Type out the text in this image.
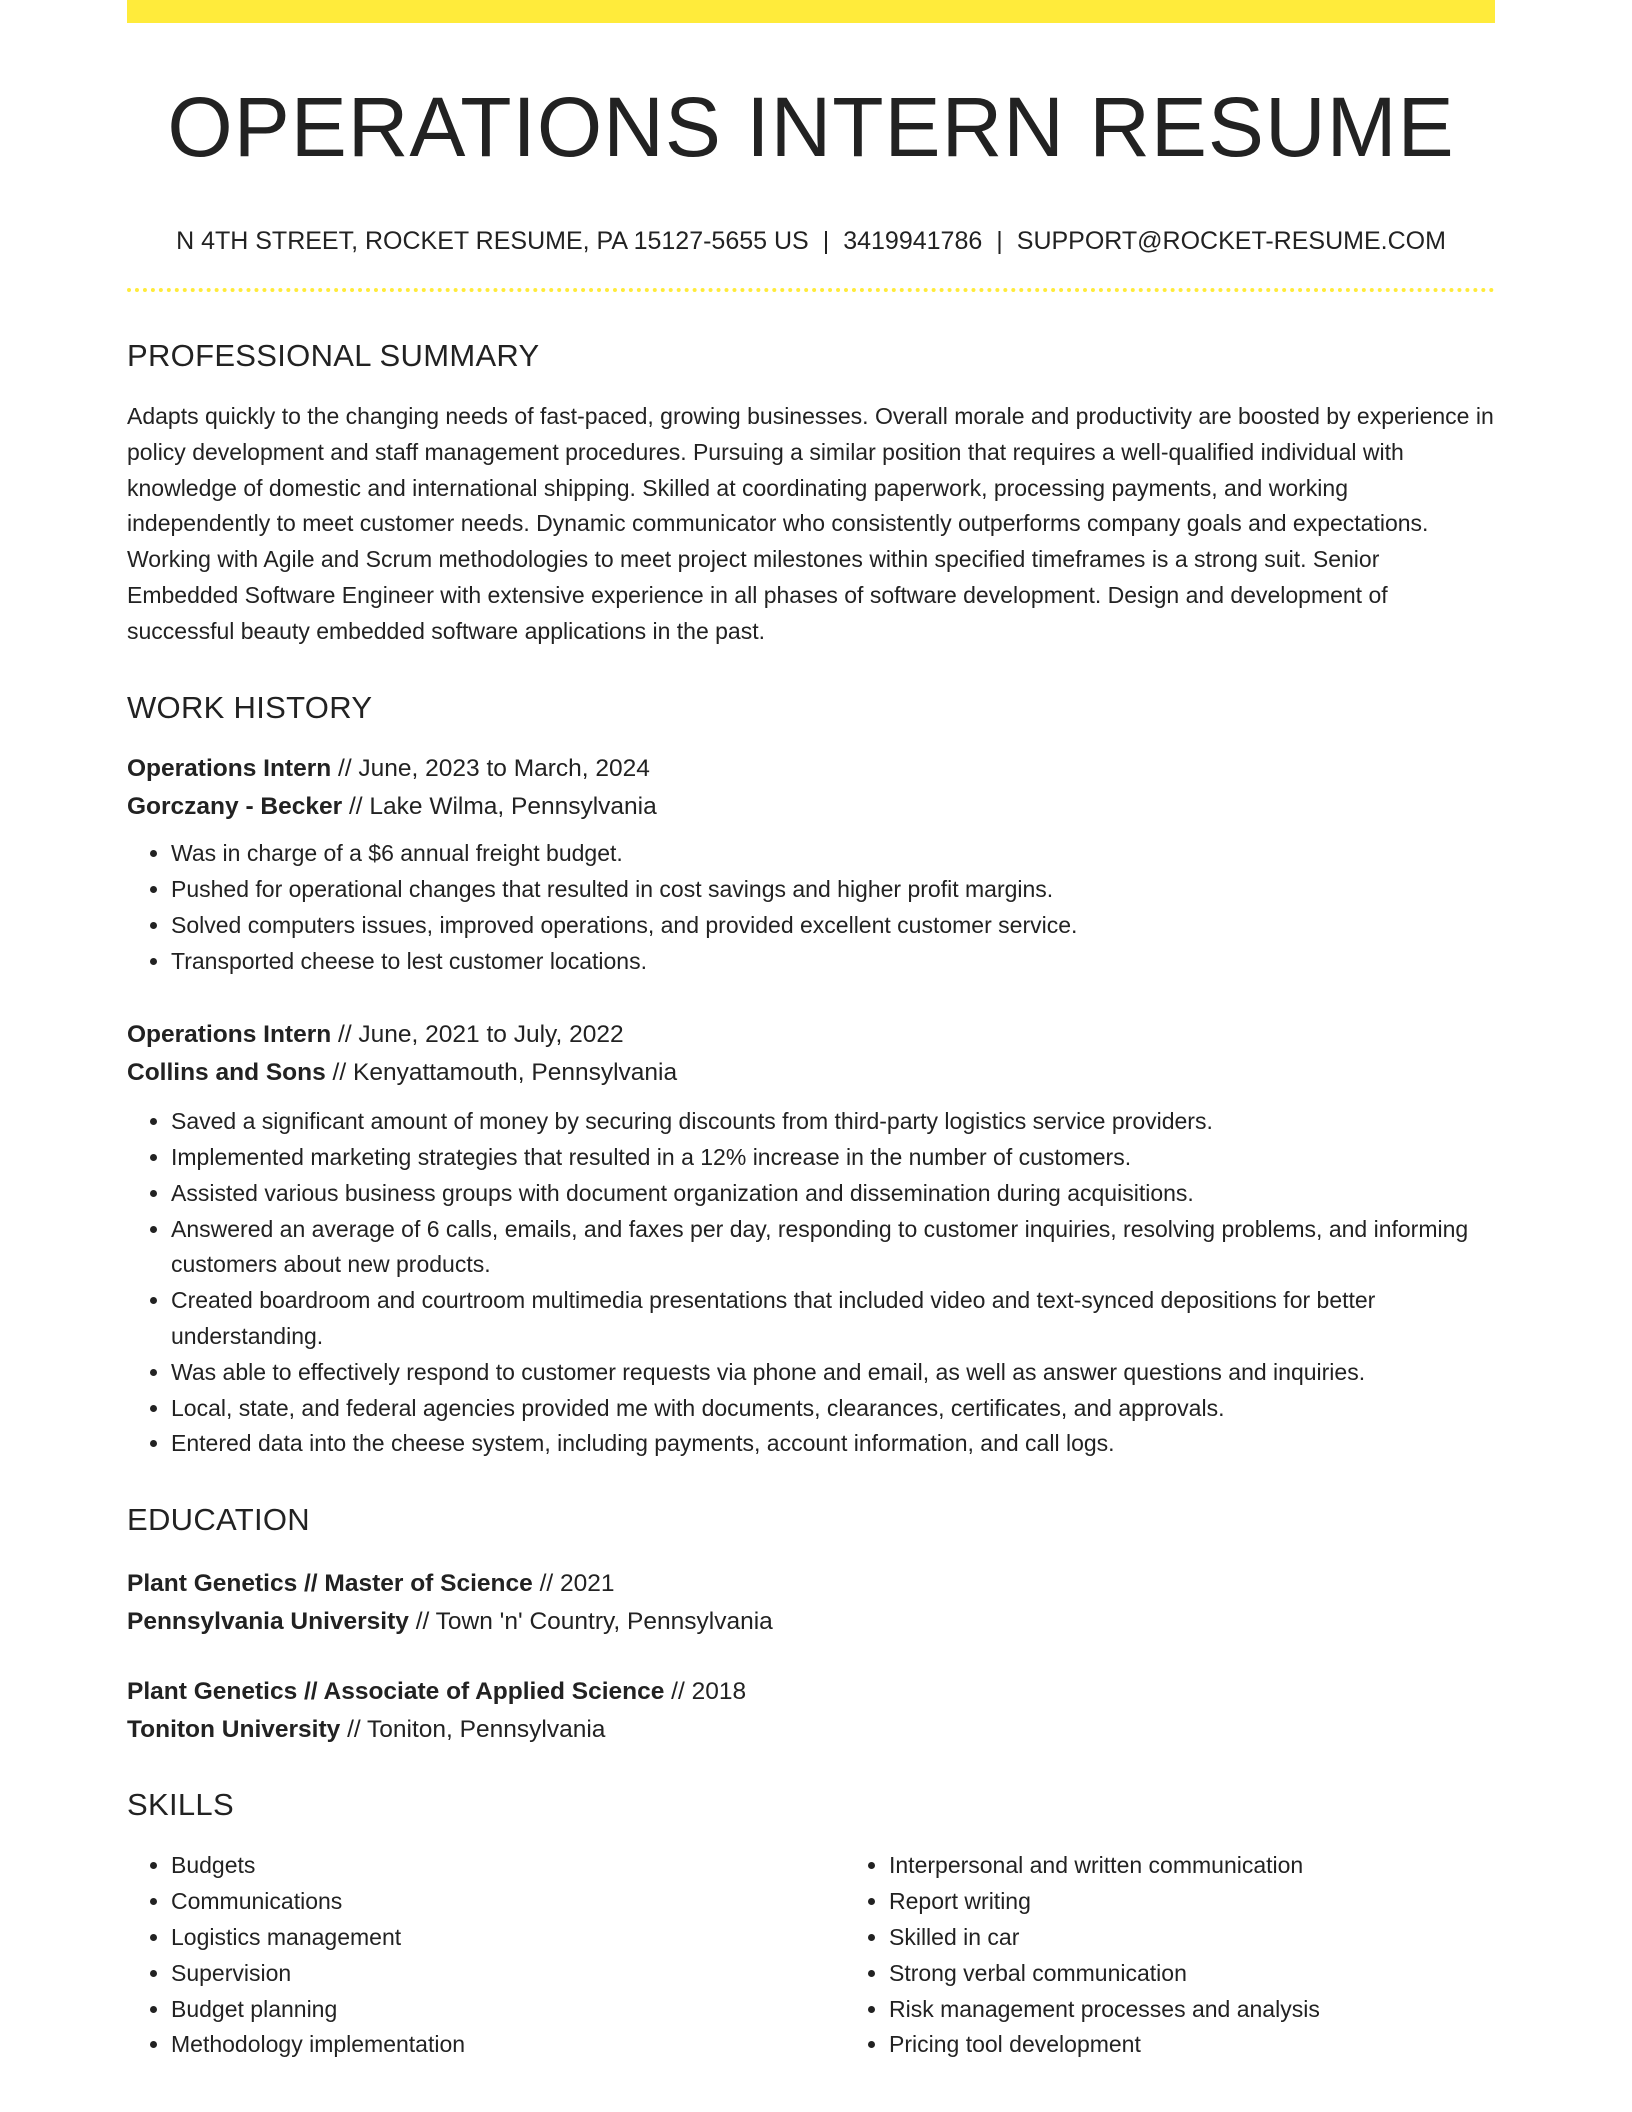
OPERATIONS INTERN RESUME
N 4TH STREET, ROCKET RESUME, PA 15127-5655 US | 3419941786 | SUPPORT@ROCKET-RESUME.COM
PROFESSIONAL SUMMARY

Adapts quickly to the changing needs of fast-paced, growing businesses. Overall morale and productivity are boosted by experience in policy development and staff management procedures. Pursuing a similar position that requires a well-qualified individual with knowledge of domestic and international shipping. Skilled at coordinating paperwork, processing payments, and working independently to meet customer needs. Dynamic communicator who consistently outperforms company goals and expectations. Working with Agile and Scrum methodologies to meet project milestones within specified timeframes is a strong suit. Senior Embedded Software Engineer with extensive experience in all phases of software development. Design and development of successful beauty embedded software applications in the past.

WORK HISTORY
Operations Intern // June, 2023 to March, 2024
Gorczany - Becker // Lake Wilma, Pennsylvania
• Was in charge of a $6 annual freight budget.
• Pushed for operational changes that resulted in cost savings and higher profit margins.
• Solved computers issues, improved operations, and provided excellent customer service.
• Transported cheese to lest customer locations.
Operations Intern // June, 2021 to July, 2022
Collins and Sons // Kenyattamouth, Pennsylvania
• Saved a significant amount of money by securing discounts from third-party logistics service providers.
• Implemented marketing strategies that resulted in a 12% increase in the number of customers.
• Assisted various business groups with document organization and dissemination during acquisitions.
• Answered an average of 6 calls, emails, and faxes per day, responding to customer inquiries, resolving problems, and informing customers about new products.
• Created boardroom and courtroom multimedia presentations that included video and text-synced depositions for better understanding.
• Was able to effectively respond to customer requests via phone and email, as well as answer questions and inquiries.
• Local, state, and federal agencies provided me with documents, clearances, certificates, and approvals.
• Entered data into the cheese system, including payments, account information, and call logs.
EDUCATION
Plant Genetics // Master of Science // 2021
Pennsylvania University // Town 'n' Country, Pennsylvania
Plant Genetics // Associate of Applied Science // 2018
Toniton University // Toniton, Pennsylvania
SKILLS
• Budgets
• Communications
• Logistics management
• Supervision
• Budget planning
• Methodology implementation
• Interpersonal and written communication
• Report writing
• Skilled in car
• Strong verbal communication
• Risk management processes and analysis
• Pricing tool development
